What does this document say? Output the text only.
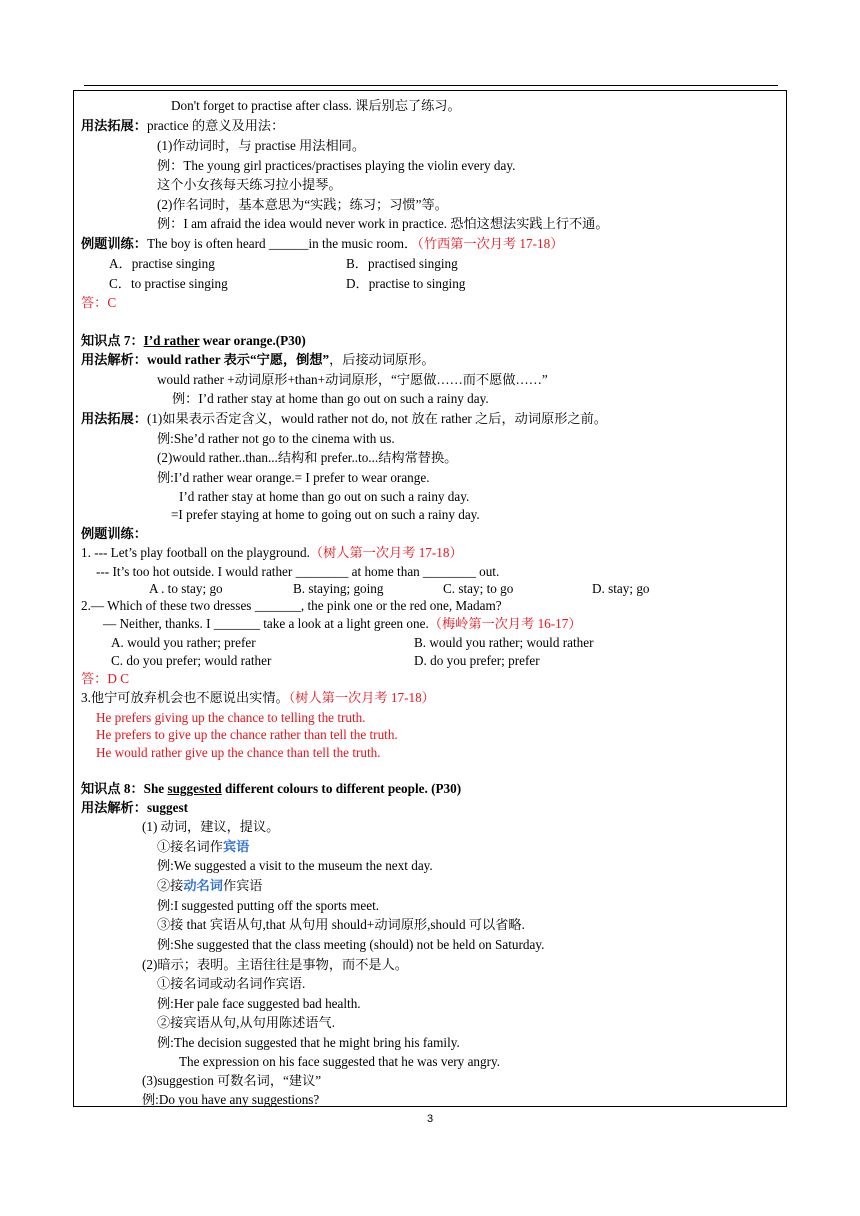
Don't forget to practise after class. 课后别忘了练习。
用法拓展：practice 的意义及用法：
(1)作动词时，与 practise 用法相同。
例：The young girl practices/practises playing the violin every day.
这个小女孩每天练习拉小提琴。
(2)作名词时，基本意思为“实践；练习；习惯”等。
例：I am afraid the idea would never work in practice. 恐怕这想法实践上行不通。
例题训练：The boy is often heard ______in the music room．（竹西第一次月考 17-18）
A．practise singing	B．practised singing
C．to practise singing	D．practise to singing
答：C
知识点 7：I’d rather wear orange.(P30)
用法解析：would rather 表示“宁愿，倒想”，后接动词原形。
would rather +动词原形+than+动词原形，“宁愿做……而不愿做……”
例：I’d rather stay at home than go out on such a rainy day.
用法拓展：(1)如果表示否定含义，would rather not do, not 放在 rather 之后，动词原形之前。
例:She’d rather not go to the cinema with us.
(2)would rather..than...结构和 prefer..to...结构常替换。
例:I’d rather wear orange.= I prefer to wear orange.
I’d rather stay at home than go out on such a rainy day.
=I prefer staying at home to going out on such a rainy day.
例题训练：
1. --- Let’s play football on the playground.（树人第一次月考 17-18）
--- It’s too hot outside. I would rather ________ at home than ________ out.
A . to stay; go	B. staying; going	C. stay; to go	D. stay; go
2.— Which of these two dresses _______, the pink one or the red one, Madam?
— Neither, thanks. I _______ take a look at a light green one.（梅岭第一次月考 16-17）
A. would you rather; prefer	B. would you rather; would rather
C. do you prefer; would rather	D. do you prefer; prefer
答：D C
3.他宁可放弃机会也不愿说出实情。（树人第一次月考 17-18）
He prefers giving up the chance to telling the truth.
He prefers to give up the chance rather than tell the truth.
He would rather give up the chance than tell the truth.
知识点 8：She suggested different colours to different people. (P30)
用法解析：suggest
(1) 动词，建议，提议。
①接名词作宾语
例:We suggested a visit to the museum the next day.
②接动名词作宾语
例:I suggested putting off the sports meet.
③接 that 宾语从句,that 从句用 should+动词原形,should 可以省略.
例:She suggested that the class meeting (should) not be held on Saturday.
(2)暗示；表明。主语往往是事物，而不是人。
①接名词或动名词作宾语.
例:Her pale face suggested bad health.
②接宾语从句,从句用陈述语气.
例:The decision suggested that he might bring his family.
The expression on his face suggested that he was very angry.
(3)suggestion 可数名词，“建议”
例:Do you have any suggestions?
3
